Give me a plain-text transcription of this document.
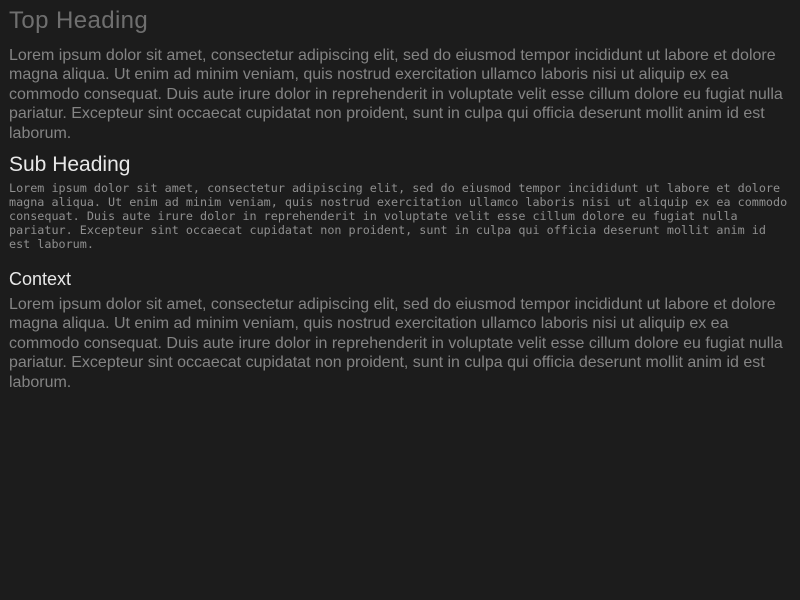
Top Heading

Lorem ipsum dolor sit amet, consectetur adipiscing elit, sed do eiusmod tempor incididunt ut labore et dolore magna aliqua. Ut enim ad minim veniam, quis nostrud exercitation ullamco laboris nisi ut aliquip ex ea commodo consequat. Duis aute irure dolor in reprehenderit in voluptate velit esse cillum dolore eu fugiat nulla pariatur. Excepteur sint occaecat cupidatat non proident, sunt in culpa qui officia deserunt mollit anim id est laborum.

Sub Heading

Lorem ipsum dolor sit amet, consectetur adipiscing elit, sed do eiusmod tempor incididunt ut labore et dolore magna aliqua. Ut enim ad minim veniam, quis nostrud exercitation ullamco laboris nisi ut aliquip ex ea commodo consequat. Duis aute irure dolor in reprehenderit in voluptate velit esse cillum dolore eu fugiat nulla pariatur. Excepteur sint occaecat cupidatat non proident, sunt in culpa qui officia deserunt mollit anim id est laborum.

Context

Lorem ipsum dolor sit amet, consectetur adipiscing elit, sed do eiusmod tempor incididunt ut labore et dolore magna aliqua. Ut enim ad minim veniam, quis nostrud exercitation ullamco laboris nisi ut aliquip ex ea commodo consequat. Duis aute irure dolor in reprehenderit in voluptate velit esse cillum dolore eu fugiat nulla pariatur. Excepteur sint occaecat cupidatat non proident, sunt in culpa qui officia deserunt mollit anim id est laborum.
